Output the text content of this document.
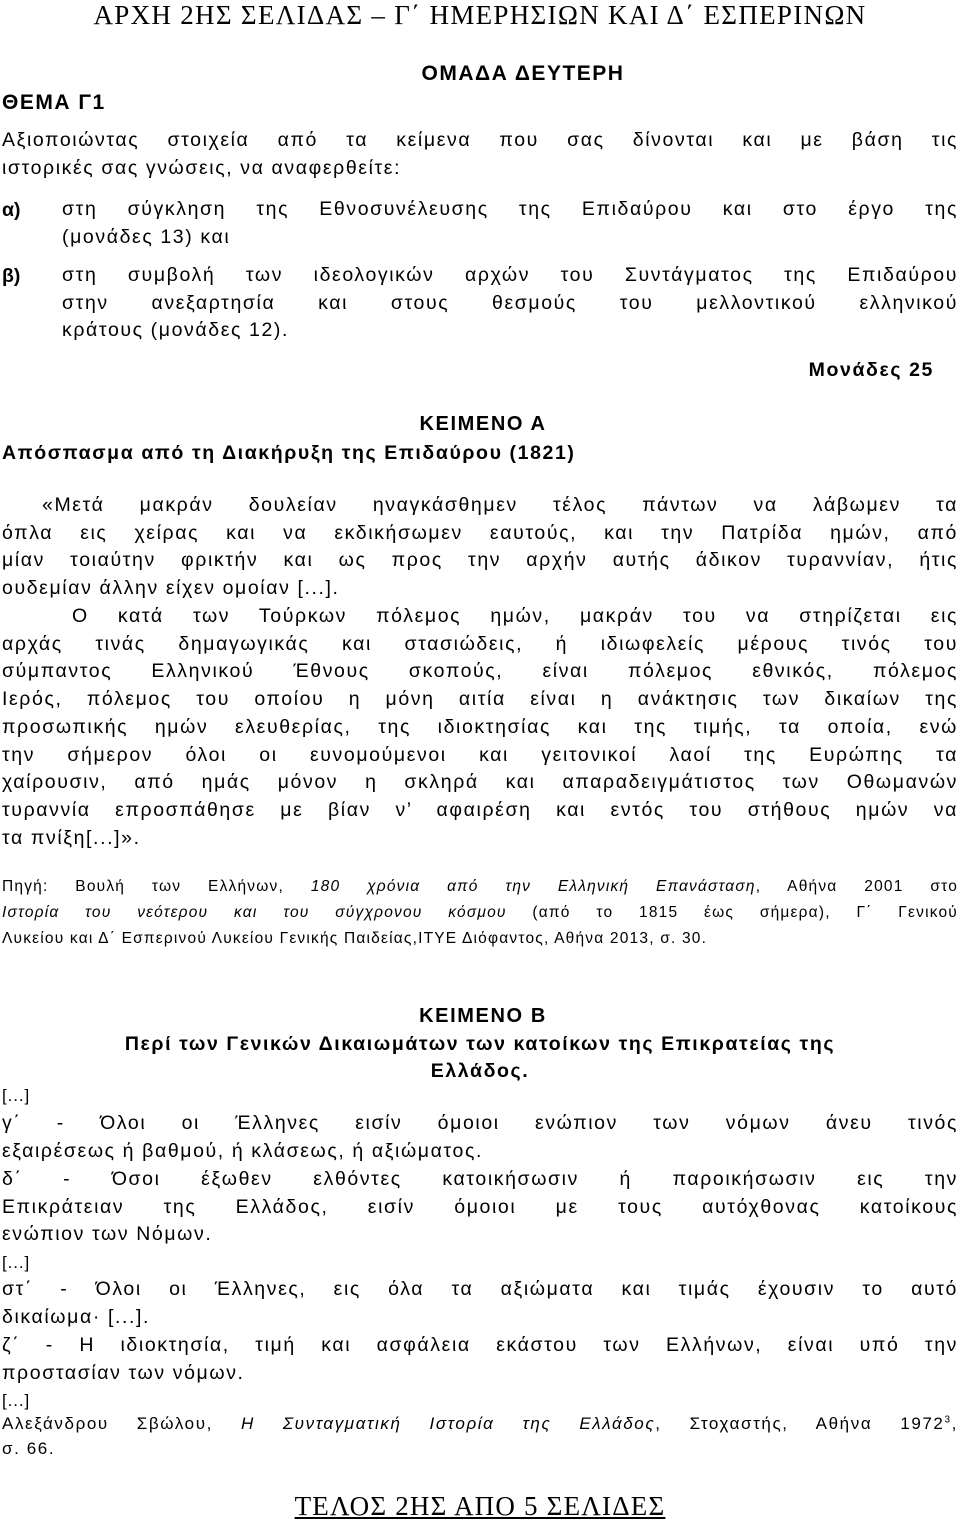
ΑΡΧΗ 2ΗΣ ΣΕΛΙΔΑΣ – Γ΄ ΗΜΕΡΗΣΙΩΝ ΚΑΙ Δ΄ ΕΣΠΕΡΙΝΩΝ
ΟΜΑΔΑ ΔΕΥΤΕΡΗ
ΘΕΜΑ Γ1
Αξιοποιώντας στοιχεία από τα κείμενα που σας δίνονται και με βάση τις
ιστορικές σας γνώσεις, να αναφερθείτε:
α) στη σύγκληση της Εθνοσυνέλευσης της Επιδαύρου και στο έργο της
(μονάδες 13) και
β) στη συμβολή των ιδεολογικών αρχών του Συντάγματος της Επιδαύρου
στην ανεξαρτησία και στους θεσμούς του μελλοντικού ελληνικού
κράτους (μονάδες 12).
Μονάδες 25
ΚΕΙΜΕΝΟ Α
Απόσπασμα από τη Διακήρυξη της Επιδαύρου (1821)
«Μετά μακράν δουλείαν ηναγκάσθημεν τέλος πάντων να λάβωμεν τα
όπλα εις χείρας και να εκδικήσωμεν εαυτούς, και την Πατρίδα ημών, από
μίαν τοιαύτην φρικτήν και ως προς την αρχήν αυτής άδικον τυραννίαν, ήτις
ουδεμίαν άλλην είχεν ομοίαν [...].
Ο κατά των Τούρκων πόλεμος ημών, μακράν του να στηρίζεται εις
αρχάς τινάς δημαγωγικάς και στασιώδεις, ή ιδιωφελείς μέρους τινός του
σύμπαντος Ελληνικού Έθνους σκοπούς, είναι πόλεμος εθνικός, πόλεμος
Ιερός, πόλεμος του οποίου η μόνη αιτία είναι η ανάκτησις των δικαίων της
προσωπικής ημών ελευθερίας, της ιδιοκτησίας και της τιμής, τα οποία, ενώ
την σήμερον όλοι οι ευνομούμενοι και γειτονικοί λαοί της Ευρώπης τα
χαίρουσιν, από ημάς μόνον η σκληρά και απαραδειγμάτιστος των Οθωμανών
τυραννία επροσπάθησε με βίαν ν’ αφαιρέση και εντός του στήθους ημών να
τα πνίξη[...]».
Πηγή: Βουλή των Ελλήνων, 180 χρόνια από την Ελληνική Επανάσταση, Αθήνα 2001 στο
Ιστορία του νεότερου και του σύγχρονου κόσμου (από το 1815 έως σήμερα), Γ΄ Γενικού
Λυκείου και Δ΄ Εσπερινού Λυκείου Γενικής Παιδείας,ΙΤΥΕ Διόφαντος, Αθήνα 2013, σ. 30.
ΚΕΙΜΕΝΟ Β
Περί των Γενικών Δικαιωμάτων των κατοίκων της Επικρατείας της
Ελλάδος.
[...]
γ΄ - Όλοι οι Έλληνες εισίν όμοιοι ενώπιον των νόμων άνευ τινός
εξαιρέσεως ή βαθμού, ή κλάσεως, ή αξιώματος.
δ΄ - Όσοι έξωθεν ελθόντες κατοικήσωσιν ή παροικήσωσιν εις την
Επικράτειαν της Ελλάδος, εισίν όμοιοι με τους αυτόχθονας κατοίκους
ενώπιον των Νόμων.
[...]
στ΄ - Όλοι οι Έλληνες, εις όλα τα αξιώματα και τιμάς έχουσιν το αυτό
δικαίωμα· [...].
ζ΄ - Η ιδιοκτησία, τιμή και ασφάλεια εκάστου των Ελλήνων, είναι υπό την
προστασίαν των νόμων.
[...]
Αλεξάνδρου Σβώλου, Η Συνταγματική Ιστορία της Ελλάδος, Στοχαστής, Αθήνα 1972$^3$,
σ. 66.
ΤΕΛΟΣ 2ΗΣ ΑΠΟ 5 ΣΕΛΙΔΕΣ
